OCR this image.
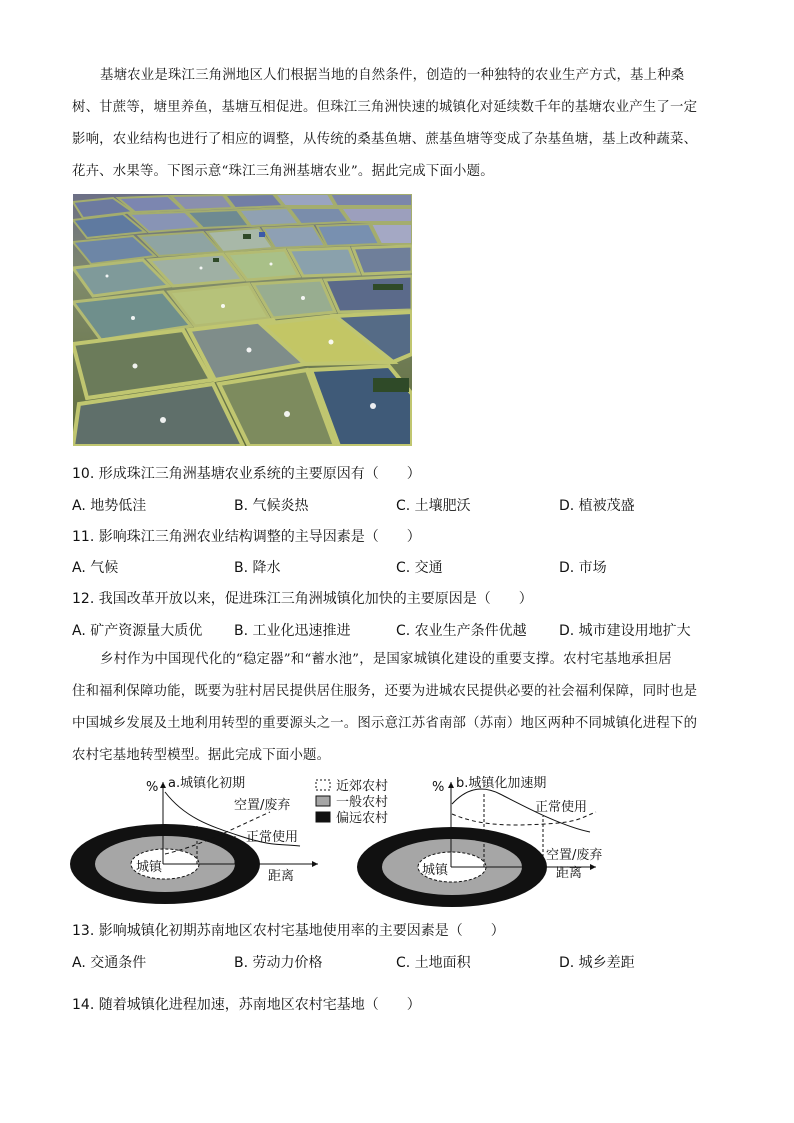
基塘农业是珠江三角洲地区人们根据当地的自然条件，创造的一种独特的农业生产方式，基上种桑
树、甘蔗等，塘里养鱼，基塘互相促进。但珠江三角洲快速的城镇化对延续数千年的基塘农业产生了一定
影响，农业结构也进行了相应的调整，从传统的桑基鱼塘、蔗基鱼塘等变成了杂基鱼塘，基上改种蔬菜、
花卉、水果等。下图示意“珠江三角洲基塘农业”。据此完成下面小题。
10. 形成珠江三角洲基塘农业系统的主要原因有（　　）
A. 地势低洼	B. 气候炎热	C. 土壤肥沃	D. 植被茂盛
11. 影响珠江三角洲农业结构调整的主导因素是（　　）
A. 气候	B. 降水	C. 交通	D. 市场
12. 我国改革开放以来，促进珠江三角洲城镇化加快的主要原因是（　　）
A. 矿产资源量大质优 B. 工业化迅速推进	C. 农业生产条件优越 D. 城市建设用地扩大
乡村作为中国现代化的“稳定器”和“蓄水池”，是国家城镇化建设的重要支撑。农村宅基地承担居
住和福利保障功能，既要为驻村居民提供居住服务，还要为进城农民提供必要的社会福利保障，同时也是
中国城乡发展及土地利用转型的重要源头之一。图示意江苏省南部（苏南）地区两种不同城镇化进程下的
农村宅基地转型模型。据此完成下面小题。
% a.城镇化初期
空置/废弃
正常使用
城镇
距离
近郊农村
一般农村
偏远农村
% b.城镇化加速期
正常使用
空置/废弃
城镇	距离
13. 影响城镇化初期苏南地区农村宅基地使用率的主要因素是（　　）
A. 交通条件	B. 劳动力价格	C. 土地面积	D. 城乡差距
14. 随着城镇化进程加速，苏南地区农村宅基地（　　）
